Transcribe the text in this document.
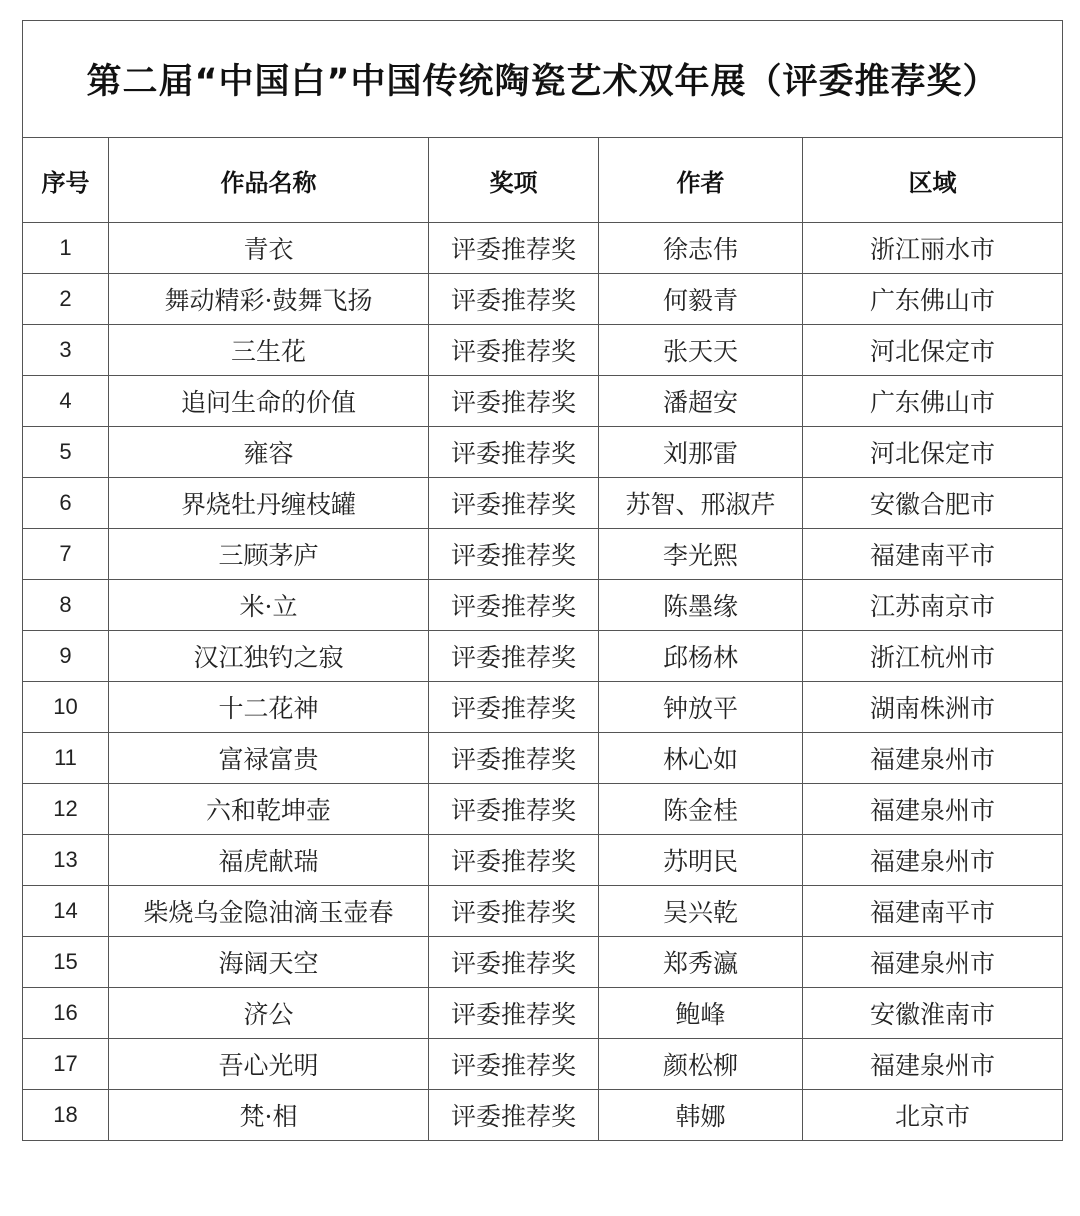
第二届“中国白”中国传统陶瓷艺术双年展（评委推荐奖）				
序号	作品名称	奖项	作者	区域
1	青衣	评委推荐奖	徐志伟	浙江丽水市
2	舞动精彩·鼓舞飞扬	评委推荐奖	何毅青	广东佛山市
3	三生花	评委推荐奖	张天天	河北保定市
4	追问生命的价值	评委推荐奖	潘超安	广东佛山市
5	雍容	评委推荐奖	刘那雷	河北保定市
6	界烧牡丹缠枝罐	评委推荐奖	苏智、邢淑芹	安徽合肥市
7	三顾茅庐	评委推荐奖	李光熙	福建南平市
8	米·立	评委推荐奖	陈墨缘	江苏南京市
9	汉江独钓之寂	评委推荐奖	邱杨林	浙江杭州市
10	十二花神	评委推荐奖	钟放平	湖南株洲市
11	富禄富贵	评委推荐奖	林心如	福建泉州市
12	六和乾坤壶	评委推荐奖	陈金桂	福建泉州市
13	福虎献瑞	评委推荐奖	苏明民	福建泉州市
14	柴烧乌金隐油滴玉壶春	评委推荐奖	吴兴乾	福建南平市
15	海阔天空	评委推荐奖	郑秀瀛	福建泉州市
16	济公	评委推荐奖	鲍峰	安徽淮南市
17	吾心光明	评委推荐奖	颜松柳	福建泉州市
18	梵·相	评委推荐奖	韩娜	北京市
